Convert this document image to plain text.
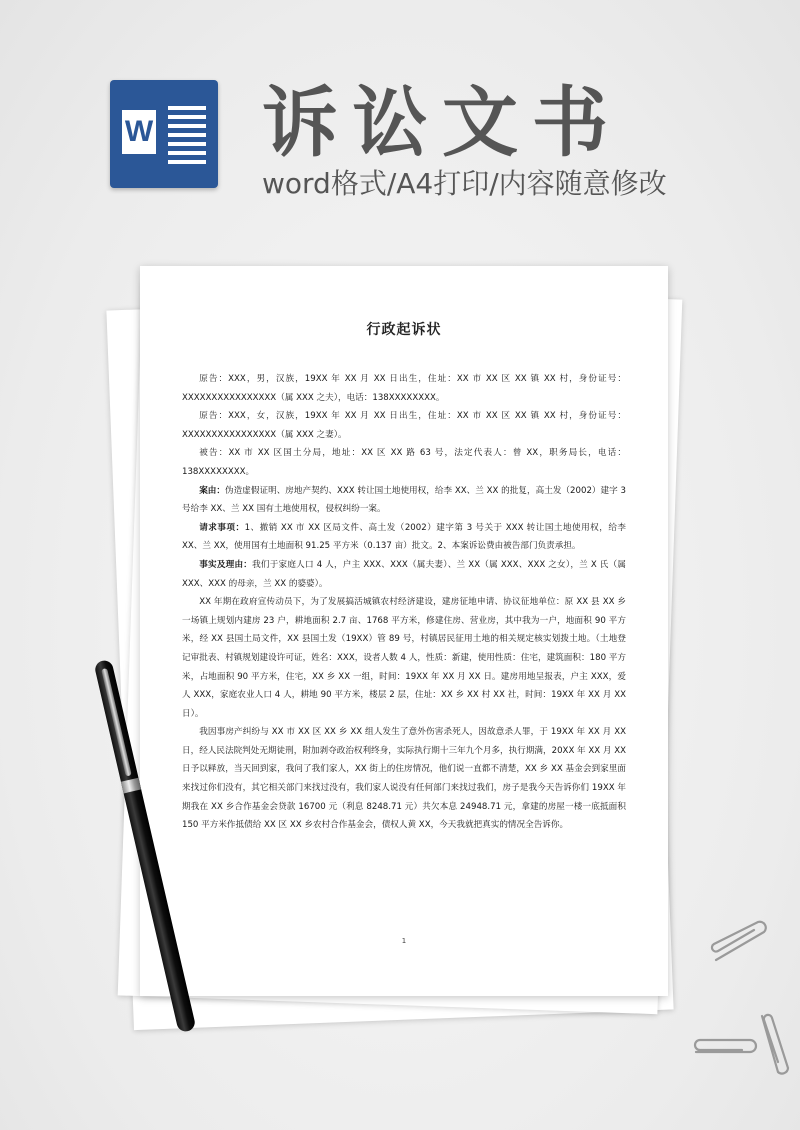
W 诉讼文书
word格式/A4打印/内容随意修改
行政起诉状

原告：XXX，男，汉族，19XX 年 XX 月 XX 日出生，住址：XX 市 XX 区 XX 镇 XX 村，身份证号：XXXXXXXXXXXXXXXX（属 XXX 之夫），电话：138XXXXXXXX。

原告：XXX，女，汉族，19XX 年 XX 月 XX 日出生，住址：XX 市 XX 区 XX 镇 XX 村，身份证号：XXXXXXXXXXXXXXXX（属 XXX 之妻）。

被告：XX 市 XX 区国土分局，地址：XX 区 XX 路 63 号，法定代表人：曾 XX，职务局长，电话：138XXXXXXXX。

案由：伪造虚假证明、房地产契约、XXX 转让国土地使用权，给李 XX、兰 XX 的批复，高土发（2002）建字 3 号给李 XX、兰 XX 国有土地使用权，侵权纠纷一案。

请求事项：1、撤销 XX 市 XX 区局文件、高土发（2002）建字第 3 号关于 XXX 转让国土地使用权，给李 XX、兰 XX，使用国有土地面积 91.25 平方米（0.137 亩）批文。2、本案诉讼费由被告部门负责承担。

事实及理由：我们于家庭人口 4 人，户主 XXX、XXX（属夫妻）、兰 XX（属 XXX、XXX 之女），兰 X 氏（属 XXX、XXX 的母亲，兰 XX 的婆婆）。

XX 年期在政府宣传动员下，为了发展搞活城镇农村经济建设，建房征地申请、协议征地单位：原 XX 县 XX 乡一场镇上规划内建房 23 户，耕地面积 2.7 亩、1768 平方米，修建住房、营业房，其中我为一户，地面积 90 平方米，经 XX 县国土局文件，XX 县国土发（19XX）管 89 号，村镇居民征用土地的相关规定核实划拨土地。（土地登记审批表、村镇规划建设许可证，姓名：XXX，设者人数 4 人，性质：新建，使用性质：住宅，建筑面积：180 平方米，占地面积 90 平方米，住宅，XX 乡 XX 一组，时间：19XX 年 XX 月 XX 日。建房用地呈报表，户主 XXX，爱人 XXX，家庭农业人口 4 人，耕地 90 平方米，楼层 2 层，住址：XX 乡 XX 村 XX 社，时间：19XX 年 XX 月 XX 日）。

我因事房产纠纷与 XX 市 XX 区 XX 乡 XX 组人发生了意外伤害杀死人，因故意杀人罪，于 19XX 年 XX 月 XX 日，经人民法院判处无期徒刑，附加剥夺政治权利终身，实际执行期十三年九个月多，执行期满，20XX 年 XX 月 XX 日予以释放，当天回到家，我问了我们家人，XX 街上的住房情况，他们说一直都不清楚，XX 乡 XX 基金会到家里面来找过你们没有，其它相关部门来找过没有，我们家人说没有任何部门来找过我们，房子是我今天告诉你们 19XX 年期我在 XX 乡合作基金会贷款 16700 元（利息 8248.71 元）共欠本息 24948.71 元，拿建的房屋一楼一底抵面积 150 平方米作抵债给 XX 区 XX 乡农村合作基金会，债权人黄 XX，今天我就把真实的情况全告诉你。

1
